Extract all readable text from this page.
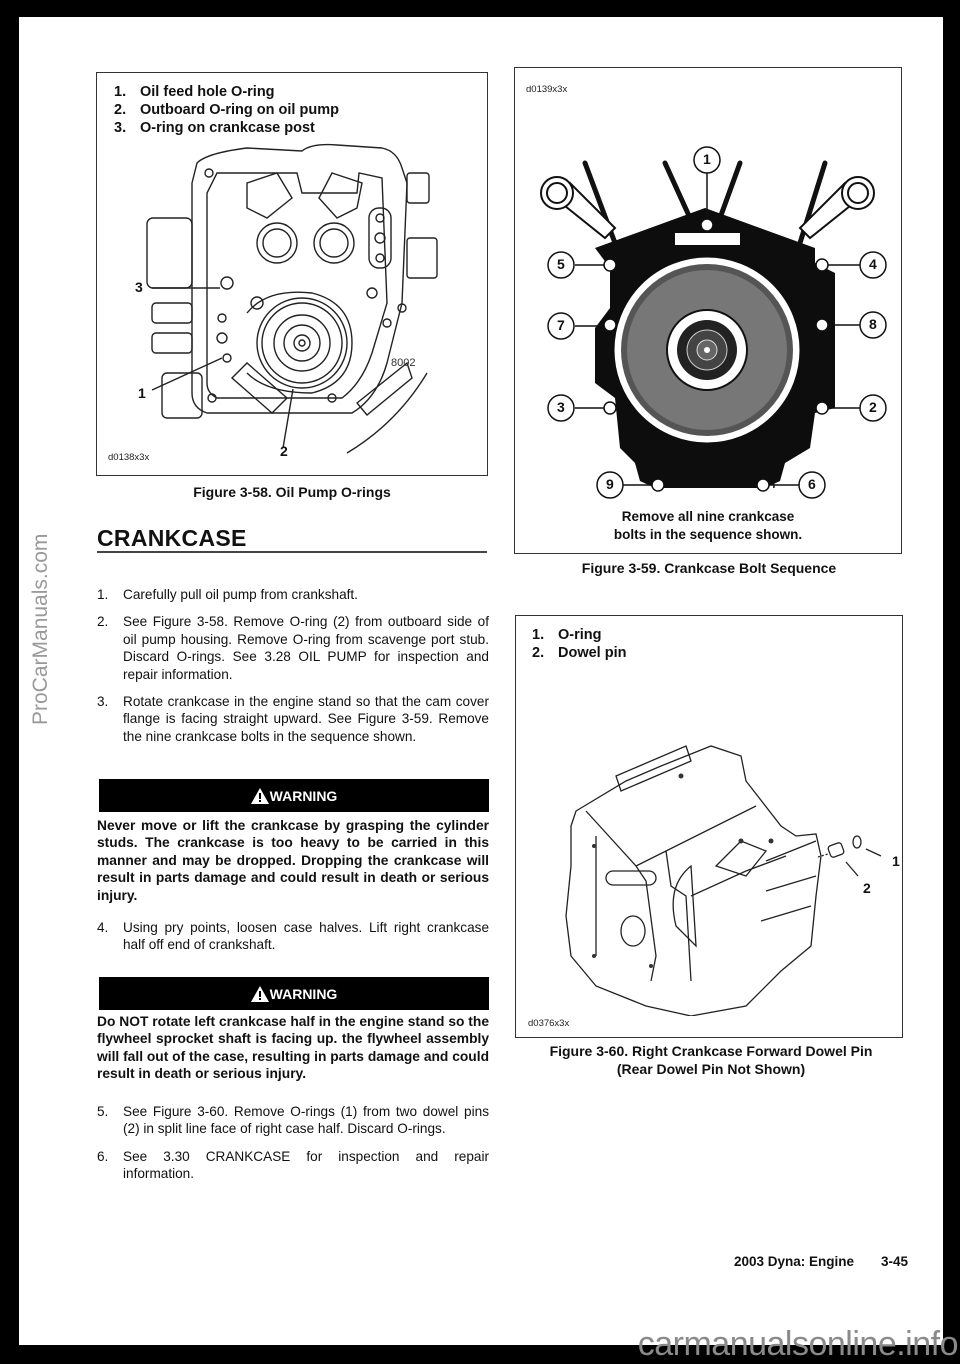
1. Oil feed hole O-ring
2. Outboard O-ring on oil pump
3. O-ring on crankcase post
8002
3
1
2
d0138x3x
Figure 3-58. Oil Pump O-rings
CRANKCASE
1.	Carefully pull oil pump from crankshaft.
2.	See Figure 3-58. Remove O-ring (2) from outboard side of oil pump housing. Remove O-ring from scavenge port stub. Discard O-rings. See 3.28 OIL PUMP for inspection and repair information.
3.	Rotate crankcase in the engine stand so that the cam cover flange is facing straight upward. See Figure 3-59. Remove the nine crankcase bolts in the sequence shown.
WARNING
Never move or lift the crankcase by grasping the cylinder studs. The crankcase is too heavy to be carried in this manner and may be dropped. Dropping the crankcase will result in parts damage and could result in death or serious injury.
4.	Using pry points, loosen case halves. Lift right crankcase half off end of crankshaft.
WARNING
Do NOT rotate left crankcase half in the engine stand so the flywheel sprocket shaft is facing up. the flywheel assembly will fall out of the case, resulting in parts damage and could result in death or serious injury.
5.	See Figure 3-60. Remove O-rings (1) from two dowel pins (2) in split line face of right case half. Discard O-rings.
6.	See 3.30 CRANKCASE for inspection and repair information.
d0139x3x
1
5	4
7	8
3	2
9	6
Remove all nine crankcase
bolts in the sequence shown.
Figure 3-59. Crankcase Bolt Sequence
1. O-ring
2. Dowel pin
1
2
d0376x3x
Figure 3-60. Right Crankcase Forward Dowel Pin
(Rear Dowel Pin Not Shown)
2003 Dyna: Engine 3-45
ProCarManuals.com
carmanualsonline.info
